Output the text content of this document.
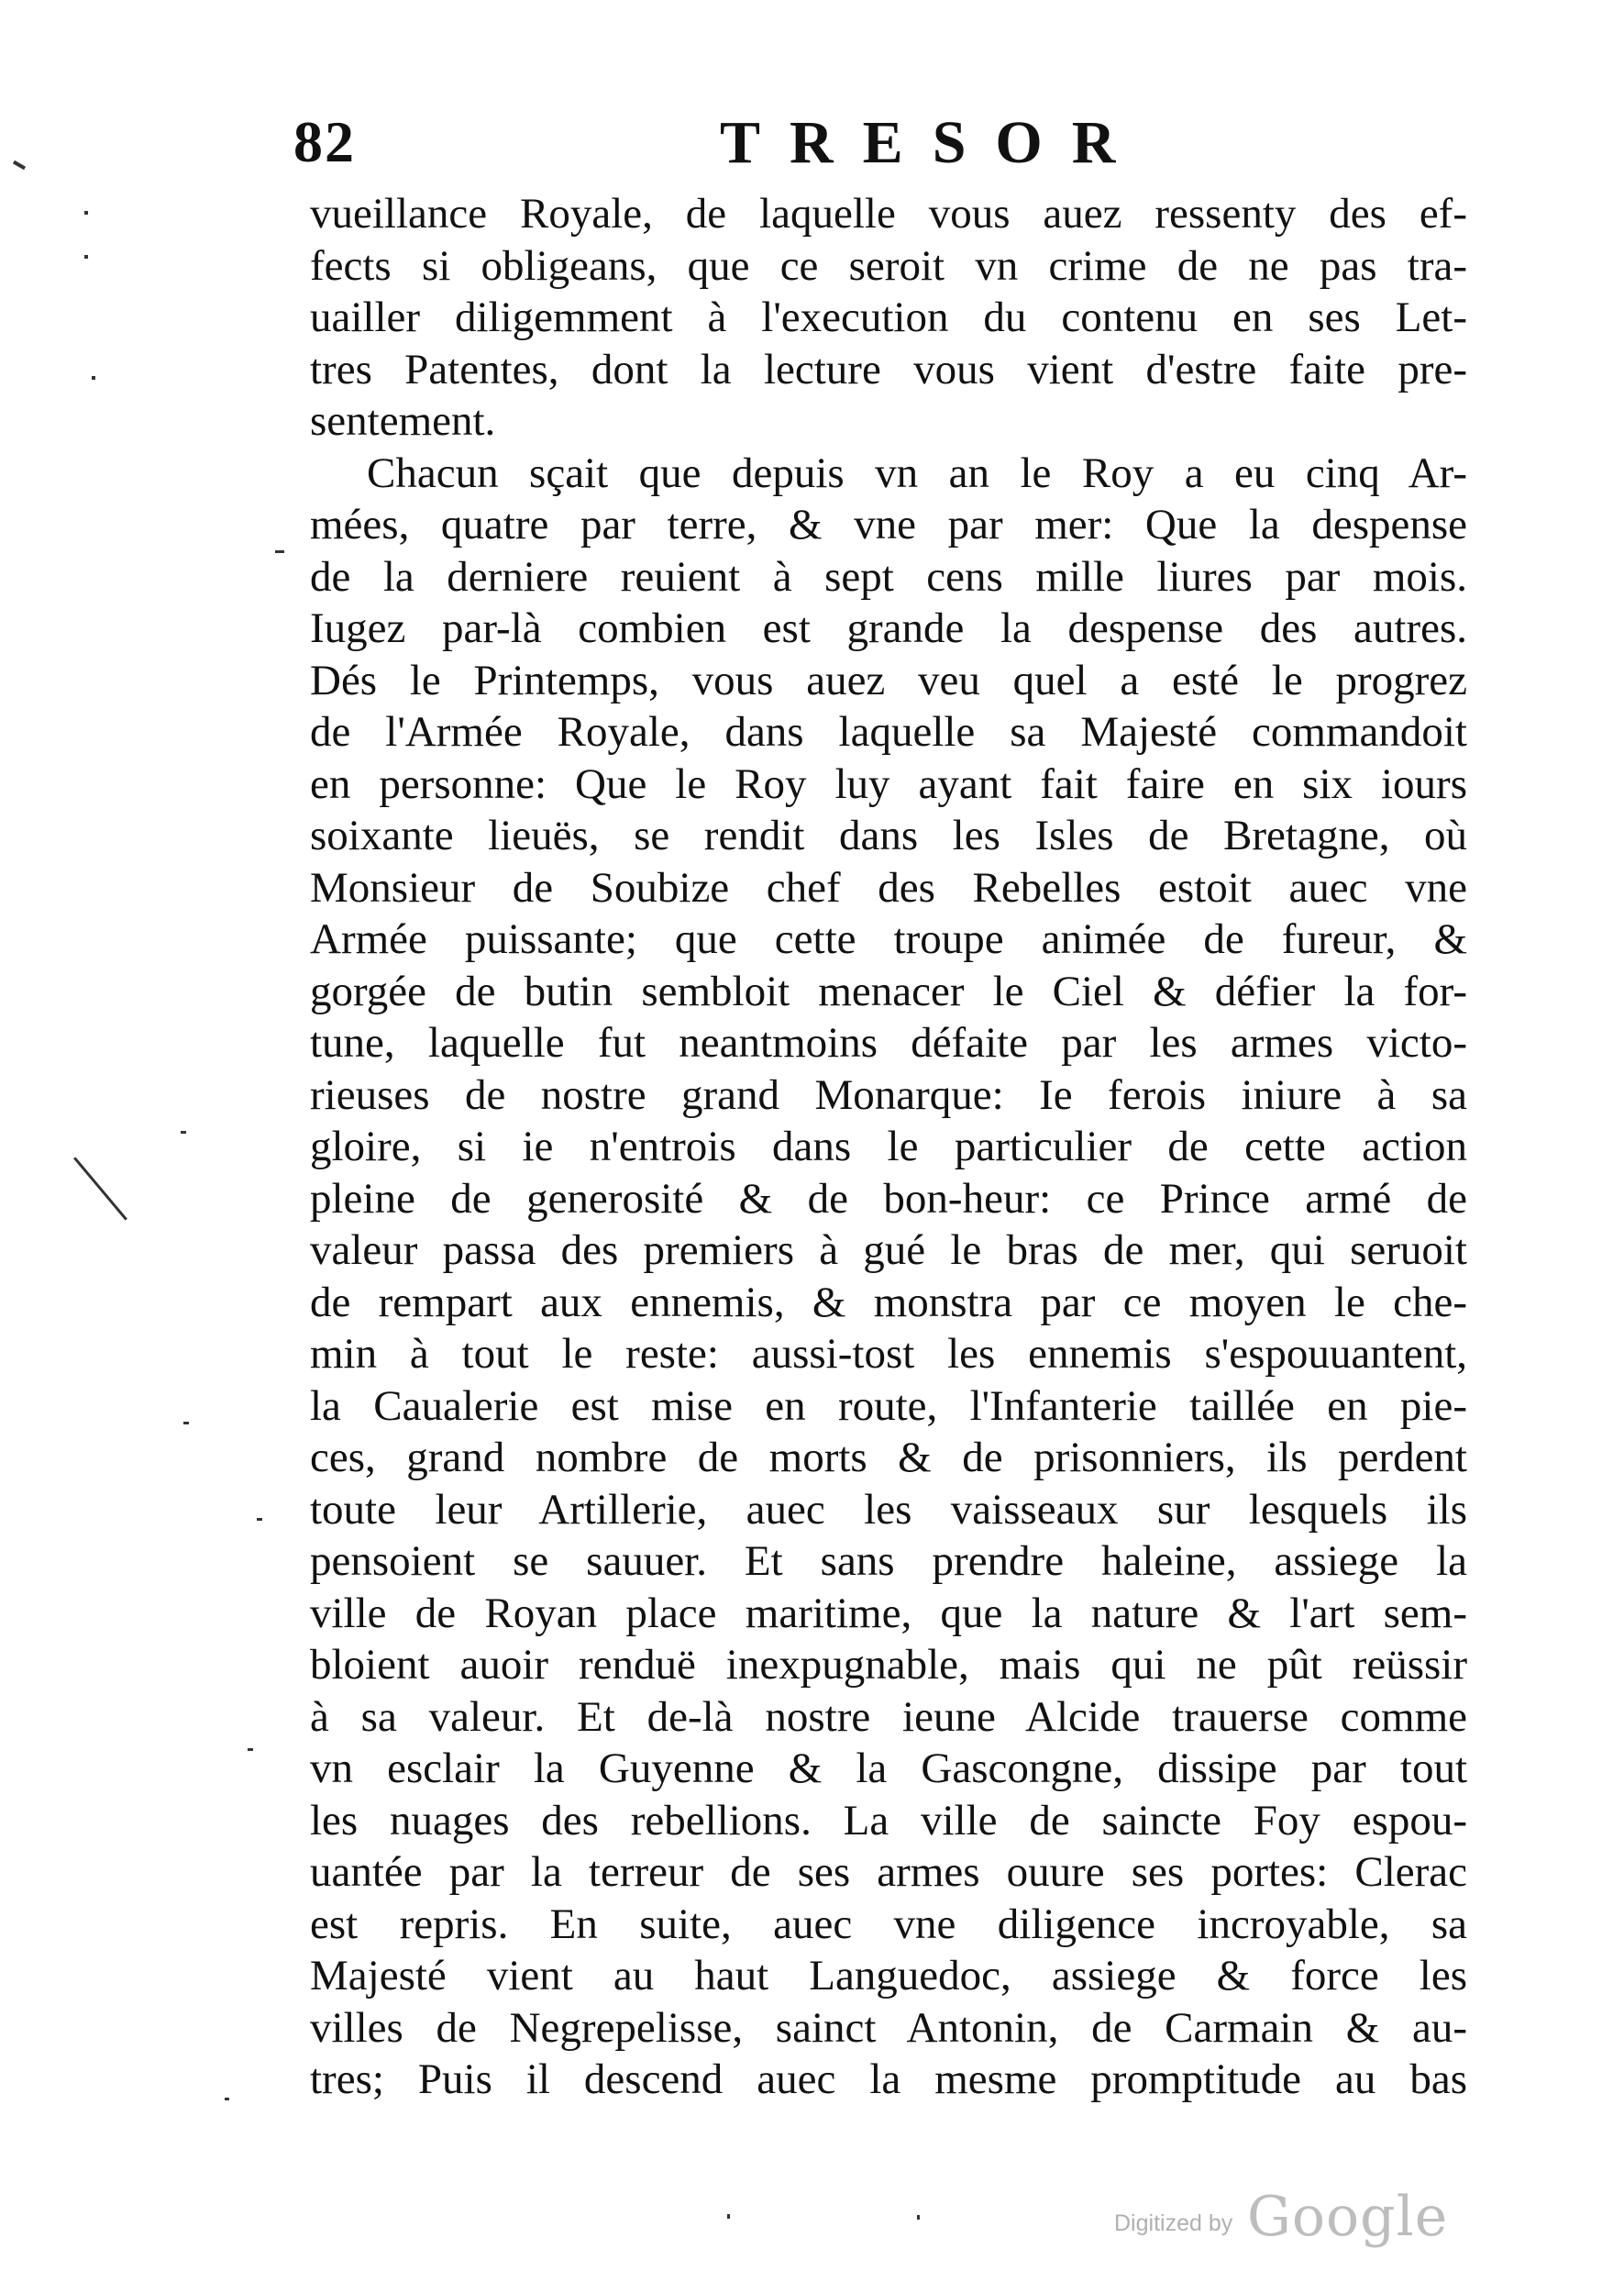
82	TRESOR
vueillance Royale, de laquelle vous auez ressenty des ef-
fects si obligeans, que ce seroit vn crime de ne pas tra-
uailler diligemment à l'execution du contenu en ses Let-
tres Patentes, dont la lecture vous vient d'estre faite pre-
sentement.
Chacun sçait que depuis vn an le Roy a eu cinq Ar-
mées, quatre par terre, & vne par mer: Que la despense
de la derniere reuient à sept cens mille liures par mois.
Iugez par-là combien est grande la despense des autres.
Dés le Printemps, vous auez veu quel a esté le progrez
de l'Armée Royale, dans laquelle sa Majesté commandoit
en personne: Que le Roy luy ayant fait faire en six iours
soixante lieuës, se rendit dans les Isles de Bretagne, où
Monsieur de Soubize chef des Rebelles estoit auec vne
Armée puissante; que cette troupe animée de fureur, &
gorgée de butin sembloit menacer le Ciel & défier la for-
tune, laquelle fut neantmoins défaite par les armes victo-
rieuses de nostre grand Monarque: Ie ferois iniure à sa
gloire, si ie n'entrois dans le particulier de cette action
pleine de generosité & de bon-heur: ce Prince armé de
valeur passa des premiers à gué le bras de mer, qui seruoit
de rempart aux ennemis, & monstra par ce moyen le che-
min à tout le reste: aussi-tost les ennemis s'espouuantent,
la Caualerie est mise en route, l'Infanterie taillée en pie-
ces, grand nombre de morts & de prisonniers, ils perdent
toute leur Artillerie, auec les vaisseaux sur lesquels ils
pensoient se sauuer. Et sans prendre haleine, assiege la
ville de Royan place maritime, que la nature & l'art sem-
bloient auoir renduë inexpugnable, mais qui ne pût reüssir
à sa valeur. Et de-là nostre ieune Alcide trauerse comme
vn esclair la Guyenne & la Gascongne, dissipe par tout
les nuages des rebellions. La ville de saincte Foy espou-
uantée par la terreur de ses armes ouure ses portes: Clerac
est repris. En suite, auec vne diligence incroyable, sa
Majesté vient au haut Languedoc, assiege & force les
villes de Negrepelisse, sainct Antonin, de Carmain & au-
tres; Puis il descend auec la mesme promptitude au bas
Digitized by Google
